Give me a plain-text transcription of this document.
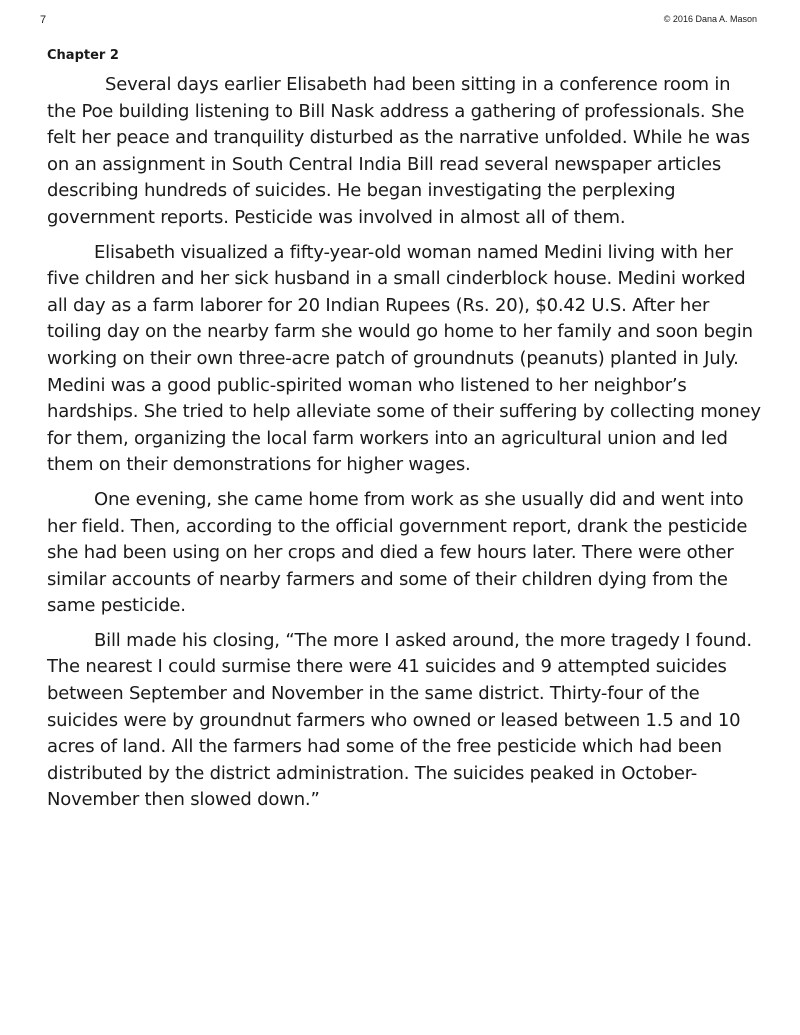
7	© 2016 Dana A. Mason
Chapter 2

Several days earlier Elisabeth had been sitting in a conference room in the Poe building listening to Bill Nask address a gathering of professionals. She felt her peace and tranquility disturbed as the narrative unfolded. While he was on an assignment in South Central India Bill read several newspaper articles describing hundreds of suicides. He began investigating the perplexing government reports. Pesticide was involved in almost all of them.

Elisabeth visualized a fifty-year-old woman named Medini living with her five children and her sick husband in a small cinderblock house. Medini worked all day as a farm laborer for 20 Indian Rupees (Rs. 20), $0.42 U.S. After her toiling day on the nearby farm she would go home to her family and soon begin working on their own three-acre patch of groundnuts (peanuts) planted in July. Medini was a good public-spirited woman who listened to her neighbor’s hardships. She tried to help alleviate some of their suffering by collecting money for them, organizing the local farm workers into an agricultural union and led them on their demonstrations for higher wages.

One evening, she came home from work as she usually did and went into her field. Then, according to the official government report, drank the pesticide she had been using on her crops and died a few hours later. There were other similar accounts of nearby farmers and some of their children dying from the same pesticide.

Bill made his closing, “The more I asked around, the more tragedy I found. The nearest I could surmise there were 41 suicides and 9 attempted suicides between September and November in the same district. Thirty-four of the suicides were by groundnut farmers who owned or leased between 1.5 and 10 acres of land. All the farmers had some of the free pesticide which had been distributed by the district administration. The suicides peaked in October-November then slowed down.”
